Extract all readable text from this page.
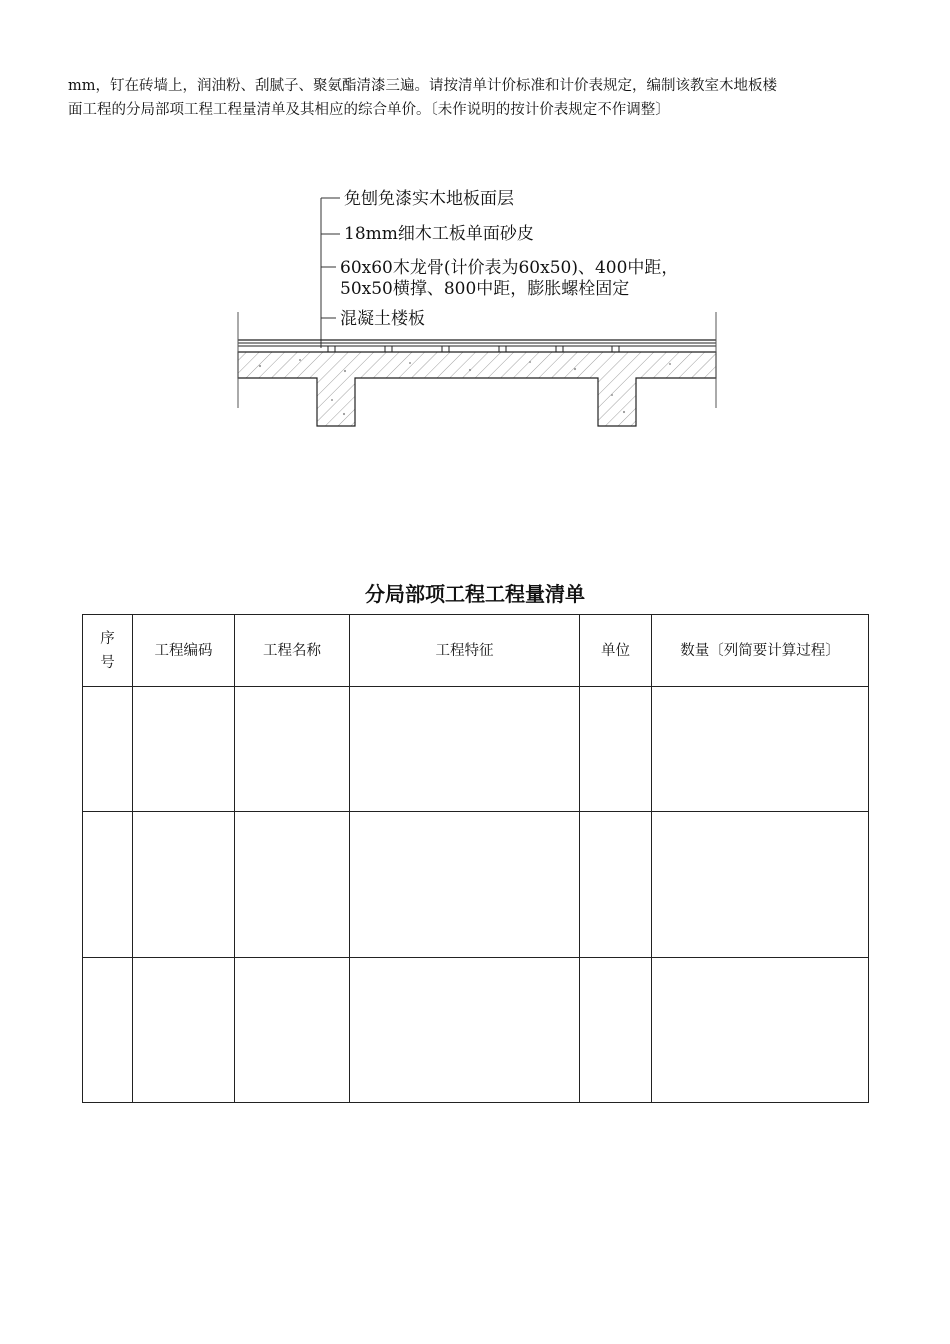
mm，钉在砖墙上，润油粉、刮腻子、聚氨酯清漆三遍。请按清单计价标准和计价表规定，编制该教室木地板楼
面工程的分局部项工程工程量清单及其相应的综合单价。〔未作说明的按计价表规定不作调整〕

免刨免漆实木地板面层
18mm细木工板单面砂皮
60x60木龙骨(计价表为60x50)、400中距，
50x50横撑、800中距，膨胀螺栓固定
混凝土楼板
分局部项工程工程量清单
序
号	工程编码	工程名称	工程特征	单位	数量〔列简要计算过程〕
